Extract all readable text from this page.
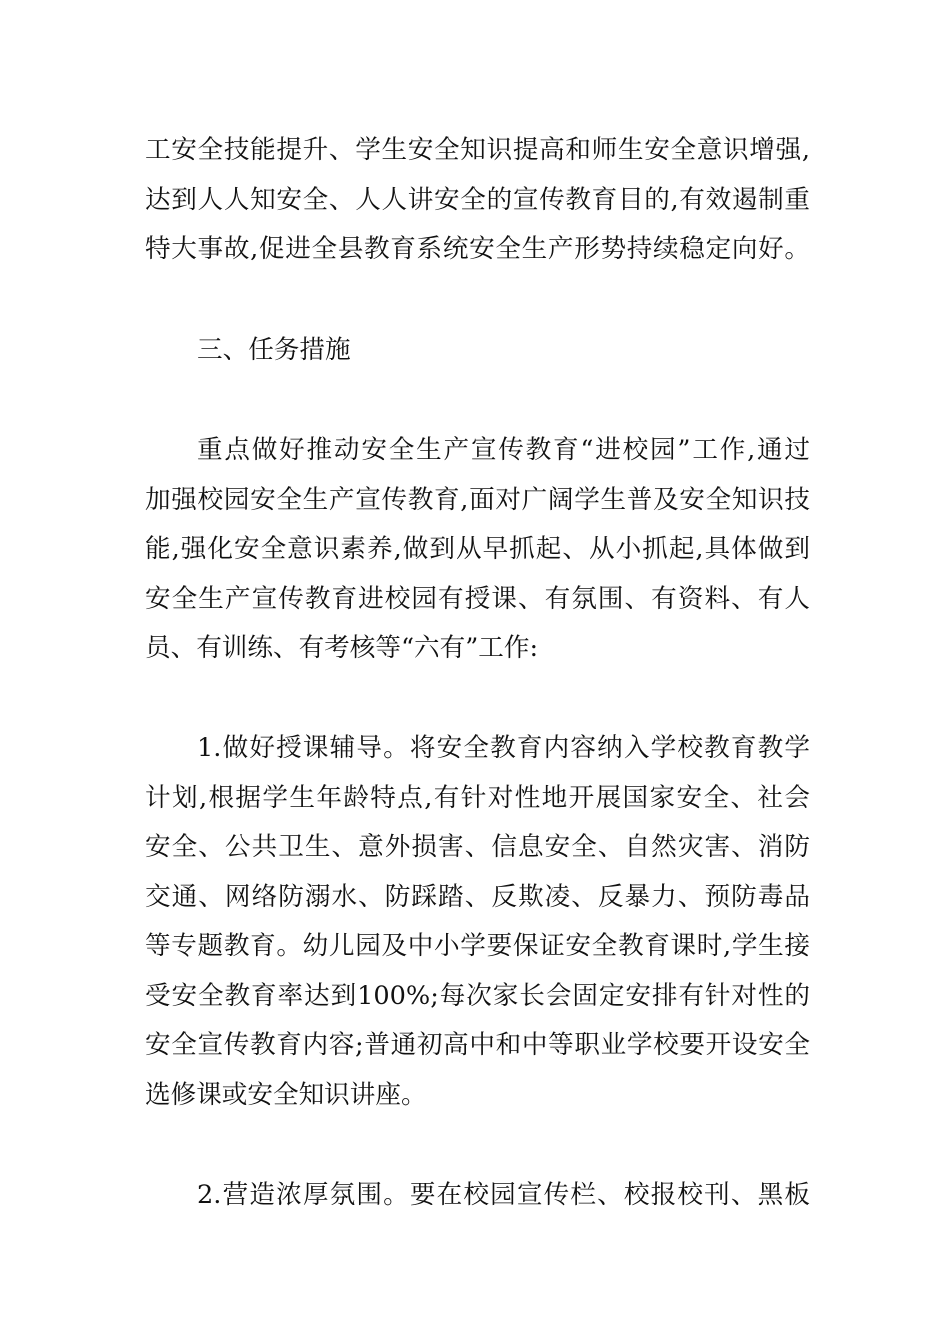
工安全技能提升、学生安全知识提高和师生安全意识增强,

达到人人知安全、人人讲安全的宣传教育目的,有效遏制重

特大事故,促进全县教育系统安全生产形势持续稳定向好。

三、任务措施

重点做好推动安全生产宣传教育“进校园”工作,通过

加强校园安全生产宣传教育,面对广阔学生普及安全知识技

能,强化安全意识素养,做到从早抓起、从小抓起,具体做到

安全生产宣传教育进校园有授课、有氛围、有资料、有人

员、有训练、有考核等“六有”工作:

1.做好授课辅导。将安全教育内容纳入学校教育教学

计划,根据学生年龄特点,有针对性地开展国家安全、社会

安全、公共卫生、意外损害、信息安全、自然灾害、消防

交通、网络防溺水、防踩踏、反欺凌、反暴力、预防毒品

等专题教育。幼儿园及中小学要保证安全教育课时,学生接

受安全教育率达到100%;每次家长会固定安排有针对性的

安全宣传教育内容;普通初高中和中等职业学校要开设安全

选修课或安全知识讲座。

2.营造浓厚氛围。要在校园宣传栏、校报校刊、黑板
